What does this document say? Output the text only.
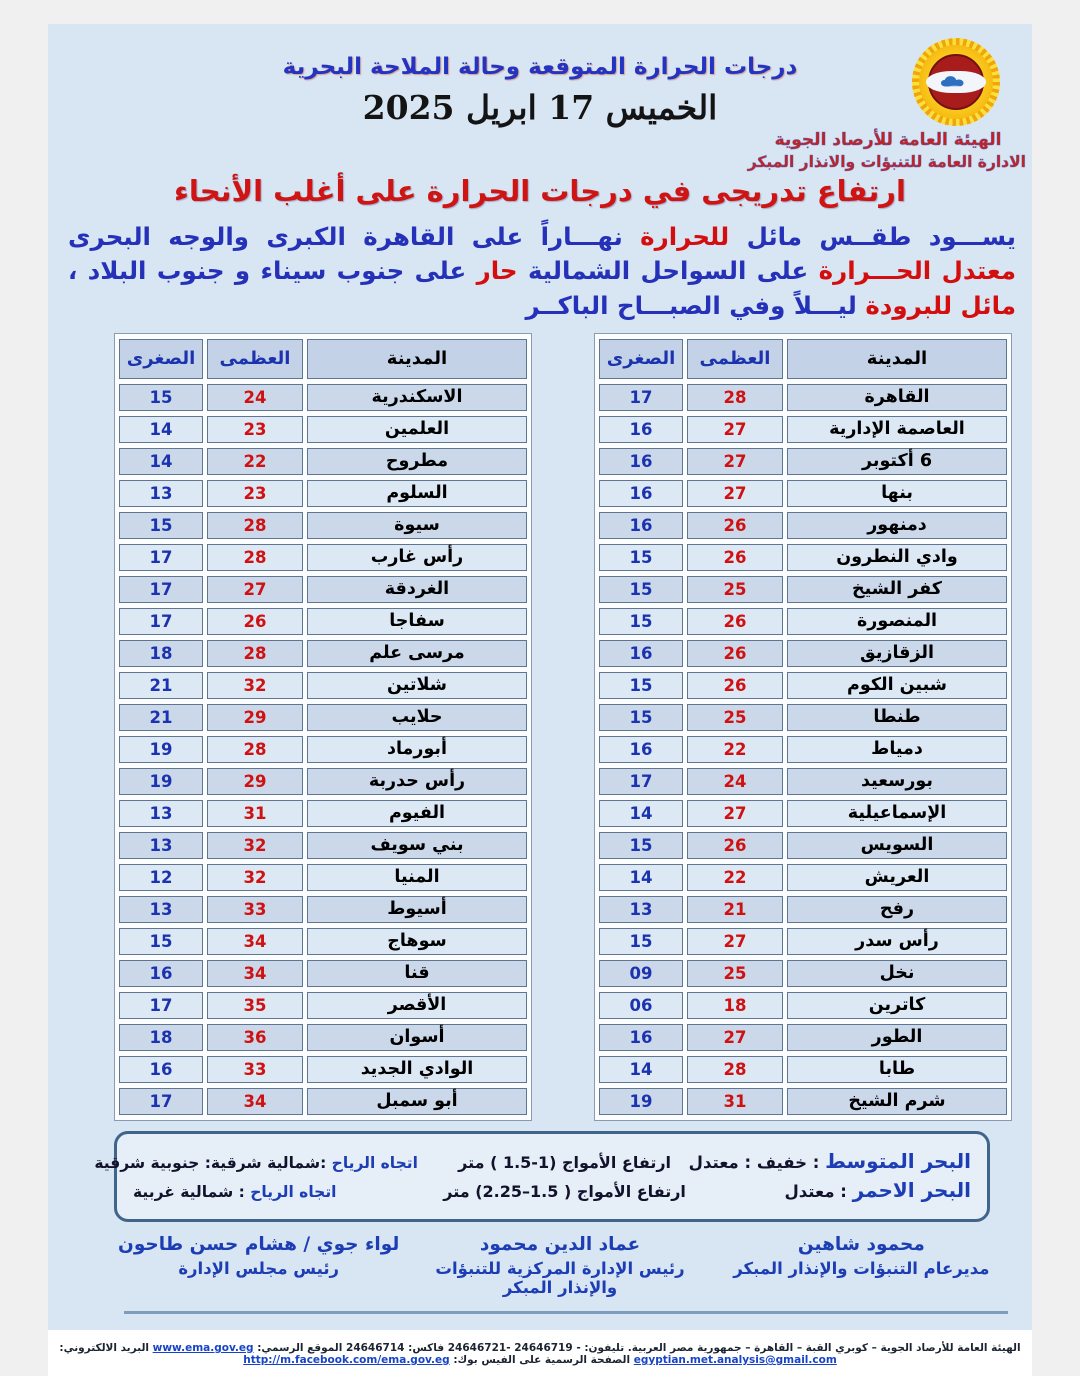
درجات الحرارة المتوقعة وحالة الملاحة البحرية
الخميس 17 ابريل 2025
الهيئة العامة للأرصاد الجوية
الادارة العامة للتنبؤات والانذار المبكر
ارتفاع تدريجى في درجات الحرارة على أغلب الأنحاء

يســـود طقــس مائل للحرارة نهـــاراً على القاهرة الكبرى والوجه البحرى معتدل الحـــرارة على السواحل الشمالية حار على جنوب سيناء و جنوب البلاد ، مائل للبرودة ليـــلاً وفي الصبـــاح الباكــر

المدينة	العظمى	الصغرى
القاهرة	28	17
العاصمة الإدارية	27	16
6 أكتوبر	27	16
بنها	27	16
دمنهور	26	16
وادي النطرون	26	15
كفر الشيخ	25	15
المنصورة	26	15
الزقازيق	26	16
شبين الكوم	26	15
طنطا	25	15
دمياط	22	16
بورسعيد	24	17
الإسماعيلية	27	14
السويس	26	15
العريش	22	14
رفح	21	13
رأس سدر	27	15
نخل	25	09
كاترين	18	06
الطور	27	16
طابا	28	14
شرم الشيخ	31	19
المدينة	العظمى	الصغرى
الاسكندرية	24	15
العلمين	23	14
مطروح	22	14
السلوم	23	13
سيوة	28	15
رأس غارب	28	17
الغردقة	27	17
سفاجا	26	17
مرسى علم	28	18
شلاتين	32	21
حلايب	29	21
أبورماد	28	19
رأس حدربة	29	19
الفيوم	31	13
بني سويف	32	13
المنيا	32	12
أسيوط	33	13
سوهاج	34	15
قنا	34	16
الأقصر	35	17
أسوان	36	18
الوادي الجديد	33	16
أبو سمبل	34	17
البحر المتوسط : خفيف : معتدل
ارتفاع الأمواج (1-1.5 ) متر
اتجاه الرياح :شمالية شرقية: جنوبية شرقية
البحر الاحمر : معتدل
ارتفاع الأمواج ( 1.5–2.25) متر
اتجاه الرياح : شمالية غربية
محمود شاهين
مديرعام التنبؤات والإنذار المبكر
عماد الدين محمود
رئيس الإدارة المركزية للتنبؤات والإنذار المبكر
لواء جوي / هشام حسن طاحون
رئيس مجلس الإدارة
الهيئة العامة للأرصاد الجوية – كوبري القبة – القاهرة – جمهورية مصر العربية. تليفون: - 24646719 -24646721 فاكس: 24646714 الموقع الرسمي: www.ema.gov.eg البريد الالكتروني: egyptian.met.analysis@gmail.com الصفحة الرسمية على الفيس بوك: http://m.facebook.com/ema.gov.eg
